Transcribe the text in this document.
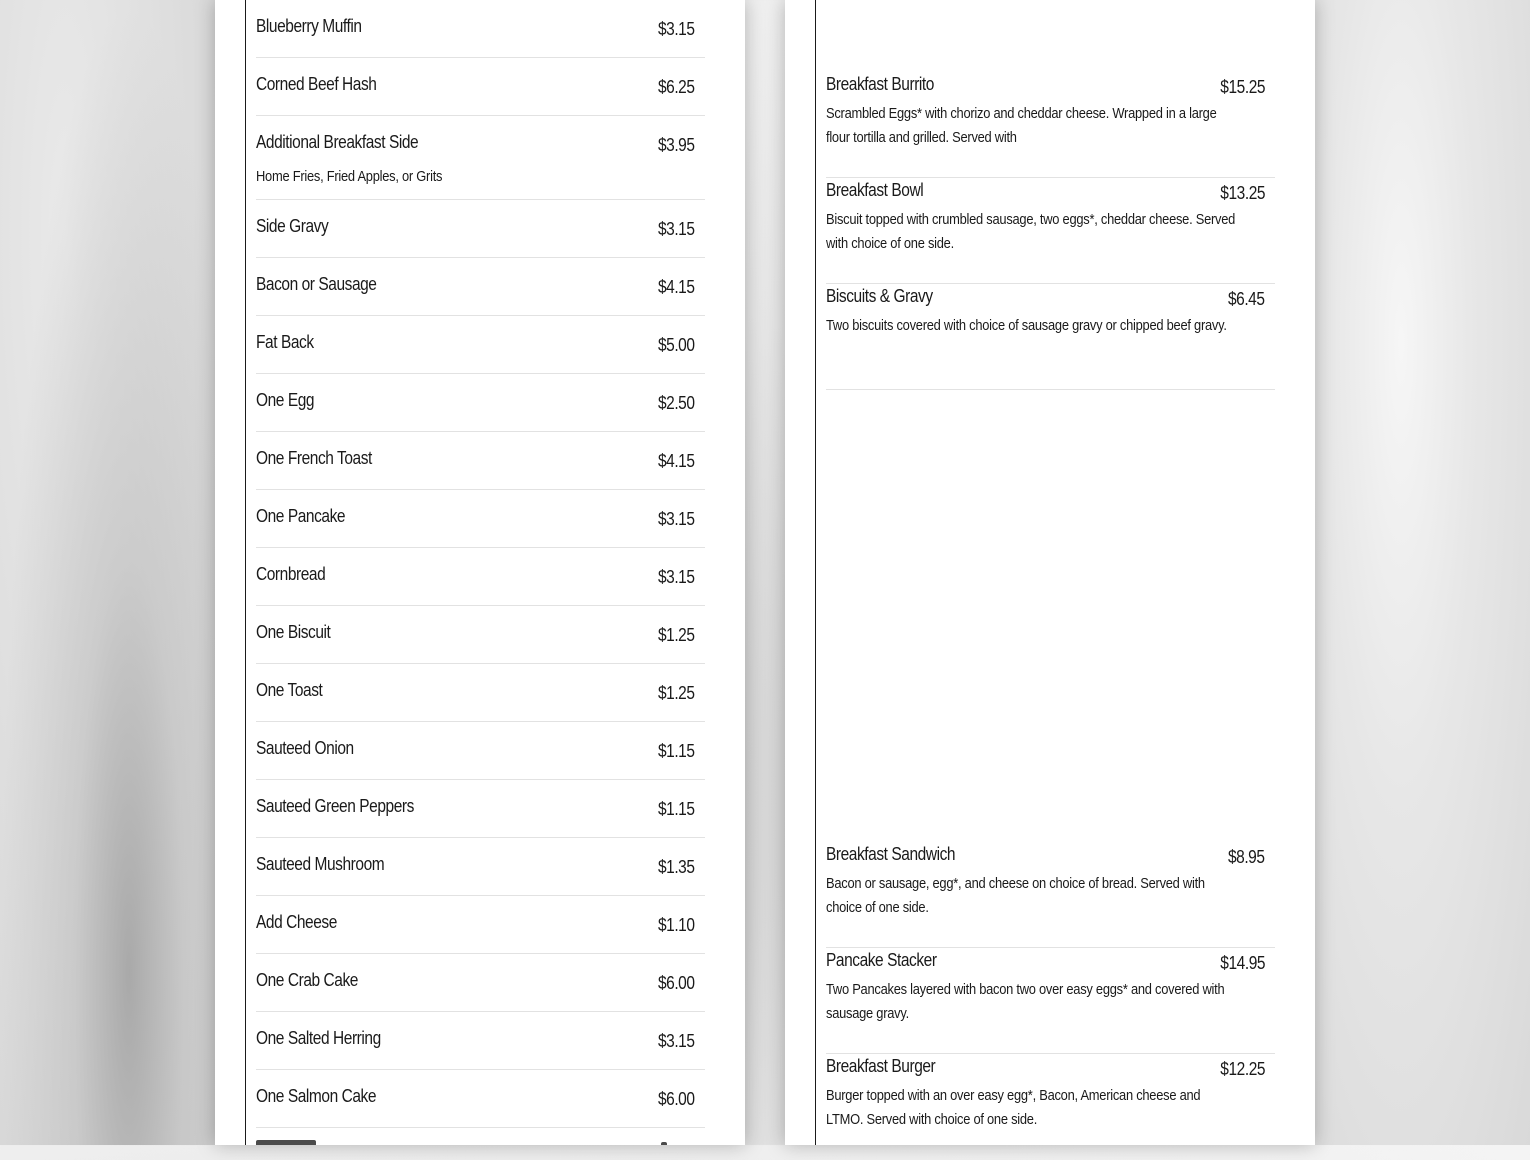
Blueberry Muffin	$3.15
Corned Beef Hash	$6.25
Additional Breakfast Side	$3.95
Home Fries, Fried Apples, or Grits
Side Gravy	$3.15
Bacon or Sausage	$4.15
Fat Back	$5.00
One Egg	$2.50
One French Toast	$4.15
One Pancake	$3.15
Cornbread	$3.15
One Biscuit	$1.25
One Toast	$1.25
Sauteed Onion	$1.15
Sauteed Green Peppers	$1.15
Sauteed Mushroom	$1.35
Add Cheese	$1.10
One Crab Cake	$6.00
One Salted Herring	$3.15
One Salmon Cake	$6.00
Breakfast Burrito	$15.25
Scrambled Eggs* with chorizo and cheddar cheese. Wrapped in a large flour tortilla and grilled. Served with
Breakfast Bowl	$13.25
Biscuit topped with crumbled sausage, two eggs*, cheddar cheese. Served with choice of one side.
Biscuits & Gravy	$6.45
Two biscuits covered with choice of sausage gravy or chipped beef gravy.
Breakfast Sandwich	$8.95
Bacon or sausage, egg*, and cheese on choice of bread. Served with choice of one side.
Pancake Stacker	$14.95
Two Pancakes layered with bacon two over easy eggs* and covered with sausage gravy.
Breakfast Burger	$12.25
Burger topped with an over easy egg*, Bacon, American cheese and LTMO. Served with choice of one side.
